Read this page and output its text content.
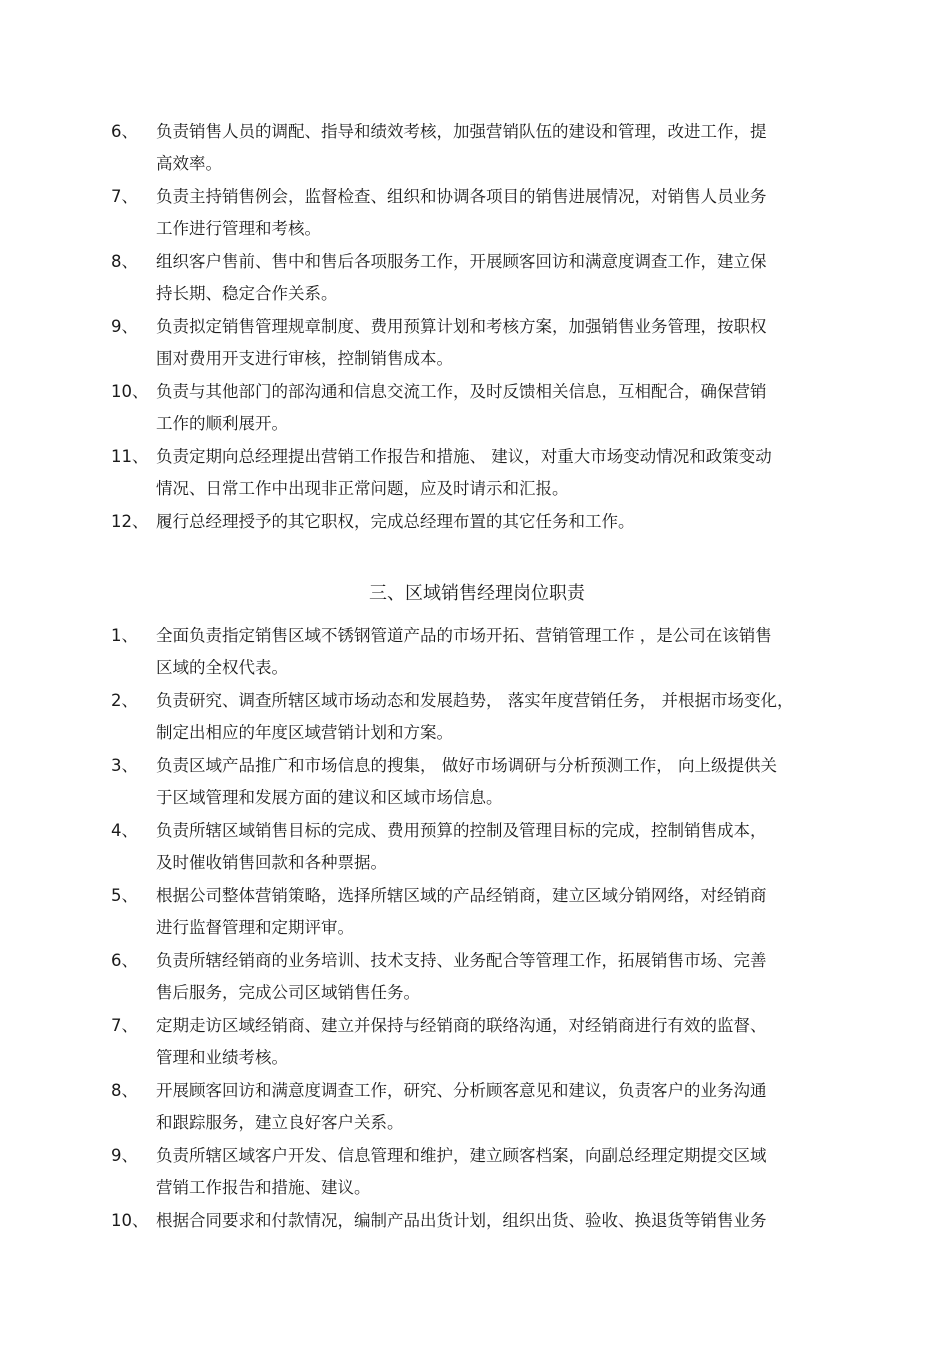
6、 负责销售人员的调配、指导和绩效考核，加强营销队伍的建设和管理，改进工作，提
高效率。
7、 负责主持销售例会，监督检查、组织和协调各项目的销售进展情况，对销售人员业务
工作进行管理和考核。
8、 组织客户售前、售中和售后各项服务工作，开展顾客回访和满意度调查工作，建立保
持长期、稳定合作关系。
9、 负责拟定销售管理规章制度、费用预算计划和考核方案，加强销售业务管理，按职权
围对费用开支进行审核，控制销售成本。
10、 负责与其他部门的部沟通和信息交流工作，及时反馈相关信息，互相配合，确保营销
工作的顺利展开。
11、 负责定期向总经理提出营销工作报告和措施、 建议，对重大市场变动情况和政策变动
情况、日常工作中出现非正常问题，应及时请示和汇报。
12、 履行总经理授予的其它职权，完成总经理布置的其它任务和工作。
三、区域销售经理岗位职责
1、 全面负责指定销售区域不锈钢管道产品的市场开拓、营销管理工作 ，是公司在该销售
区域的全权代表。
2、 负责研究、调查所辖区域市场动态和发展趋势， 落实年度营销任务， 并根据市场变化，
制定出相应的年度区域营销计划和方案。
3、 负责区域产品推广和市场信息的搜集， 做好市场调研与分析预测工作， 向上级提供关
于区域管理和发展方面的建议和区域市场信息。
4、 负责所辖区域销售目标的完成、费用预算的控制及管理目标的完成，控制销售成本，
及时催收销售回款和各种票据。
5、 根据公司整体营销策略，选择所辖区域的产品经销商，建立区域分销网络，对经销商
进行监督管理和定期评审。
6、 负责所辖经销商的业务培训、技术支持、业务配合等管理工作，拓展销售市场、完善
售后服务，完成公司区域销售任务。
7、 定期走访区域经销商、建立并保持与经销商的联络沟通，对经销商进行有效的监督、
管理和业绩考核。
8、 开展顾客回访和满意度调查工作，研究、分析顾客意见和建议，负责客户的业务沟通
和跟踪服务，建立良好客户关系。
9、 负责所辖区域客户开发、信息管理和维护，建立顾客档案，向副总经理定期提交区域
营销工作报告和措施、建议。
10、 根据合同要求和付款情况，编制产品出货计划，组织出货、验收、换退货等销售业务
